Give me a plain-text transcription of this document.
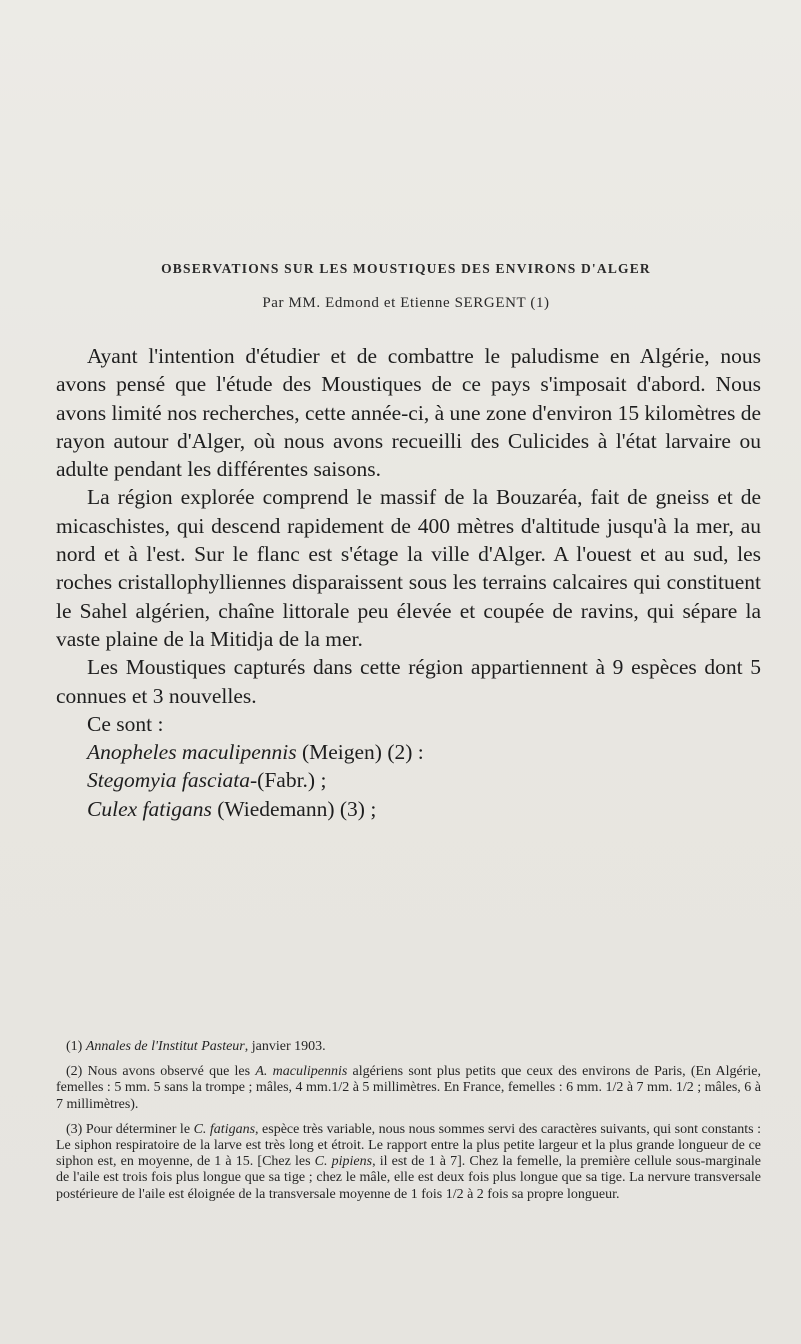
OBSERVATIONS SUR LES MOUSTIQUES DES ENVIRONS D'ALGER
Par MM. Edmond et Etienne SERGENT (1)

Ayant l'intention d'étudier et de combattre le paludisme en Algérie, nous avons pensé que l'étude des Moustiques de ce pays s'imposait d'abord. Nous avons limité nos recherches, cette année-ci, à une zone d'environ 15 kilomètres de rayon autour d'Alger, où nous avons recueilli des Culicides à l'état larvaire ou adulte pendant les différentes saisons.

La région explorée comprend le massif de la Bouzaréa, fait de gneiss et de micaschistes, qui descend rapidement de 400 mètres d'altitude jusqu'à la mer, au nord et à l'est. Sur le flanc est s'étage la ville d'Alger. A l'ouest et au sud, les roches cristallophylliennes disparaissent sous les terrains calcaires qui constituent le Sahel algérien, chaîne littorale peu élevée et coupée de ravins, qui sépare la vaste plaine de la Mitidja de la mer.

Les Moustiques capturés dans cette région appartiennent à 9 espèces dont 5 connues et 3 nouvelles.

Ce sont :

Anopheles maculipennis (Meigen) (2) :
Stegomyia fasciata-(Fabr.) ;
Culex fatigans (Wiedemann) (3) ;

(1) Annales de l'Institut Pasteur, janvier 1903.

(2) Nous avons observé que les A. maculipennis algériens sont plus petits que ceux des environs de Paris, (En Algérie, femelles : 5 mm. 5 sans la trompe ; mâles, 4 mm.1/2 à 5 millimètres. En France, femelles : 6 mm. 1/2 à 7 mm. 1/2 ; mâles, 6 à 7 millimètres).

(3) Pour déterminer le C. fatigans, espèce très variable, nous nous sommes servi des caractères suivants, qui sont constants : Le siphon respiratoire de la larve est très long et étroit. Le rapport entre la plus petite largeur et la plus grande longueur de ce siphon est, en moyenne, de 1 à 15. [Chez les C. pipiens, il est de 1 à 7]. Chez la femelle, la première cellule sous-marginale de l'aile est trois fois plus longue que sa tige ; chez le mâle, elle est deux fois plus longue que sa tige. La nervure transversale postérieure de l'aile est éloignée de la transversale moyenne de 1 fois 1/2 à 2 fois sa propre longueur.
